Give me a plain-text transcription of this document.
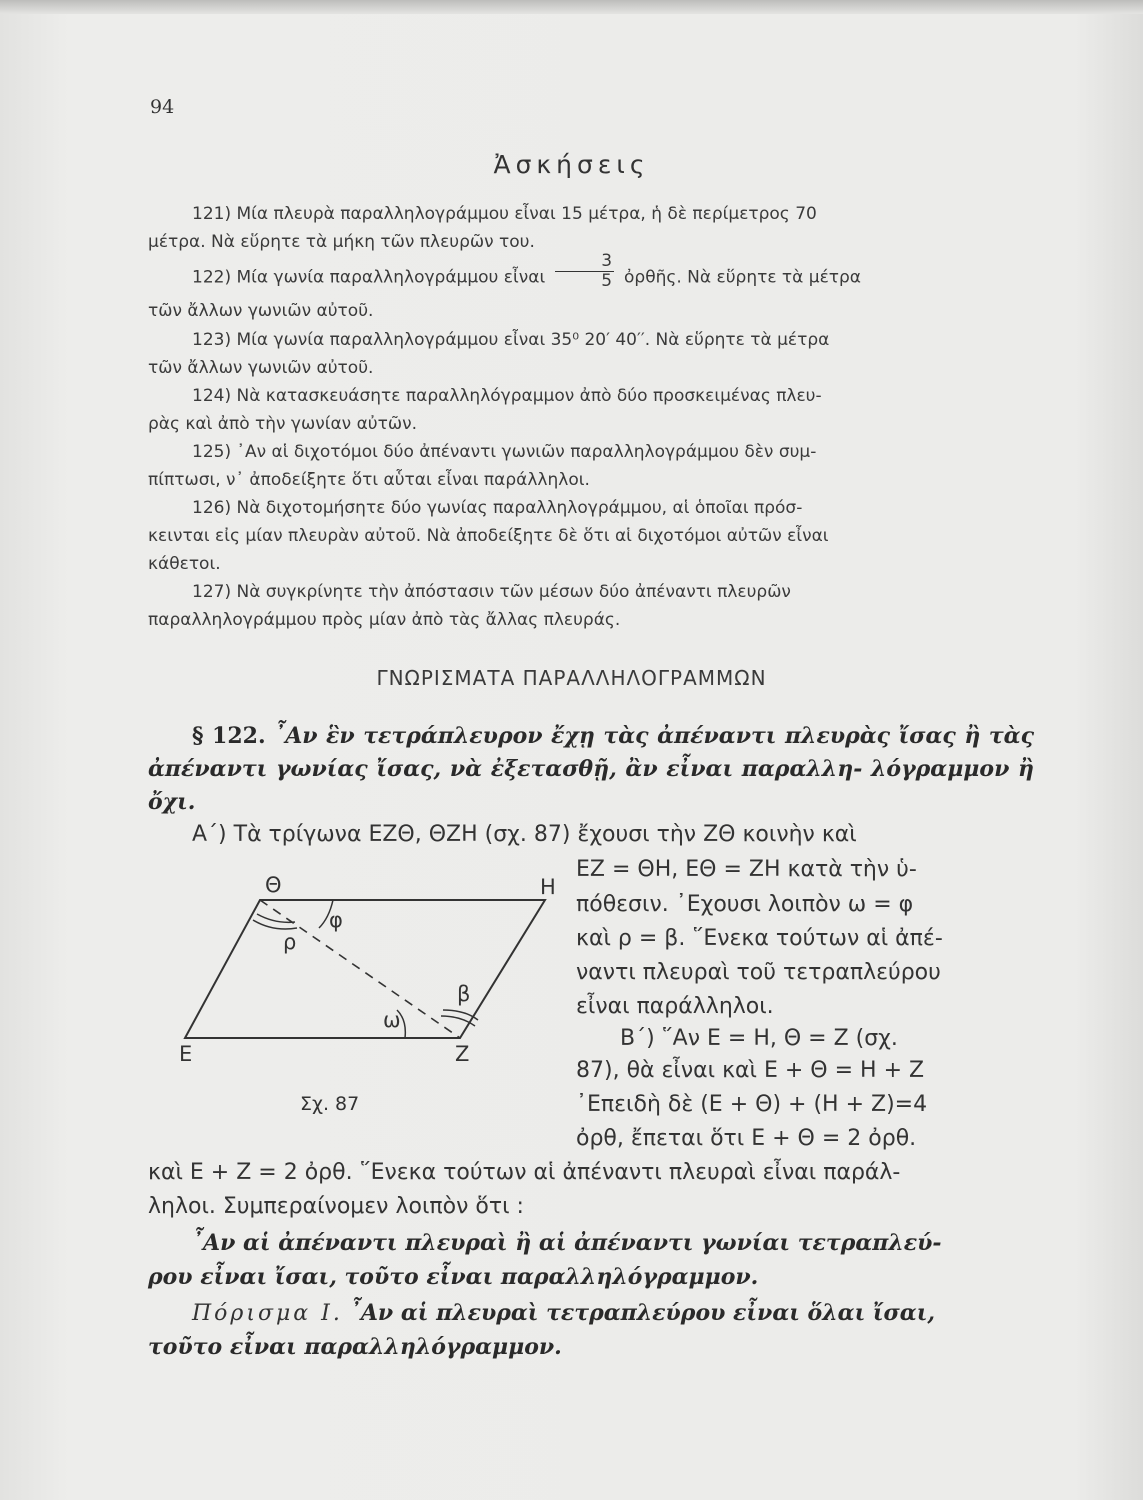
94
Ἀσκήσεις
121) Μία πλευρὰ παραλληλογράμμου εἶναι 15 μέτρα, ἡ δὲ περίμετρος 70
μέτρα. Νὰ εὕρητε τὰ μήκη τῶν πλευρῶν του.
122) Μία γωνία παραλληλογράμμου εἶναι $\frac{3}{5}$ ὀρθῆς. Νὰ εὕρητε τὰ μέτρα
τῶν ἄλλων γωνιῶν αὐτοῦ.
123) Μία γωνία παραλληλογράμμου εἶναι 35⁰ 20′ 40′′. Νὰ εὕρητε τὰ μέτρα
τῶν ἄλλων γωνιῶν αὐτοῦ.
124) Νὰ κατασκευάσητε παραλληλόγραμμον ἀπὸ δύο προσκειμένας πλευ-
ρὰς καὶ ἀπὸ τὴν γωνίαν αὐτῶν.
125) ᾿Αν αἱ διχοτόμοι δύο ἀπέναντι γωνιῶν παραλληλογράμμου δὲν συμ-
πίπτωσι, ν᾿ ἀποδείξητε ὅτι αὗται εἶναι παράλληλοι.
126) Νὰ διχοτομήσητε δύο γωνίας παραλληλογράμμου, αἱ ὁποῖαι πρόσ-
κεινται εἰς μίαν πλευρὰν αὐτοῦ. Νὰ ἀποδείξητε δὲ ὅτι αἱ διχοτόμοι αὐτῶν εἶναι
κάθετοι.
127) Νὰ συγκρίνητε τὴν ἀπόστασιν τῶν μέσων δύο ἀπέναντι πλευρῶν
παραλληλογράμμου πρὸς μίαν ἀπὸ τὰς ἄλλας πλευράς.
ΓΝΩΡΙΣΜΑΤΑ ΠΑΡΑΛΛΗΛΟΓΡΑΜΜΩΝ
§ 122. ῏Αν ἓν τετράπλευρον ἔχῃ τὰς ἀπέναντι πλευρὰς ἴσας ἢ τὰς ἀπέναντι γωνίας ἴσας, νὰ ἐξετασθῇ, ἂν εἶναι παραλλη- λόγραμμον ἢ ὄχι.
Α΄) Τὰ τρίγωνα ΕΖΘ, ΘΖΗ (σχ. 87) ἔχουσι τὴν ΖΘ κοινὴν καὶ
ΕΖ = ΘΗ, ΕΘ = ΖΗ κατὰ τὴν ὑ-
πόθεσιν. ᾿Εχουσι λοιπὸν ω = φ
καὶ ρ = β. ῞Ενεκα τούτων αἱ ἀπέ-
ναντι πλευραὶ τοῦ τετραπλεύρου
εἶναι παράλληλοι.
Β΄) ῞Αν Ε = Η, Θ = Ζ (σχ.
87), θὰ εἶναι καὶ Ε + Θ = Η + Ζ
᾿Επειδὴ δὲ (Ε + Θ) + (Η + Ζ)=4
ὀρθ, ἔπεται ὅτι Ε + Θ = 2 ὀρθ.
καὶ Ε + Ζ = 2 ὀρθ. ῞Ενεκα τούτων αἱ ἀπέναντι πλευραὶ εἶναι παράλ-
ληλοι. Συμπεραίνομεν λοιπὸν ὅτι :
῏Αν αἱ ἀπέναντι πλευραὶ ἢ αἱ ἀπέναντι γωνίαι τετραπλεύ-
ρου εἶναι ἴσαι, τοῦτο εἶναι παραλληλόγραμμον.
Πόρισμα Ι. ῏Αν αἱ πλευραὶ τετραπλεύρου εἶναι ὅλαι ἴσαι,
τοῦτο εἶναι παραλληλόγραμμον.
Θ	Η
Ε	Ζ
φ
ρ
β
ω
Σχ. 87
